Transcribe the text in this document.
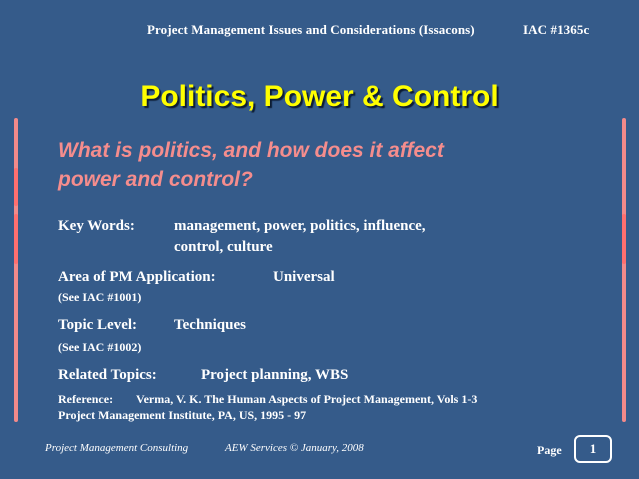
Project Management Issues and Considerations (Issacons)	IAC #1365c
Politics, Power & Control
What is politics, and how does it affect
power and control?
Key Words:	management, power, politics, influence,
control, culture
Area of PM Application:	Universal
(See IAC #1001)
Topic Level: Techniques
(See IAC #1002)
Related Topics:	Project planning, WBS
Reference: Verma, V. K. The Human Aspects of Project Management, Vols 1-3
Project Management Institute, PA, US, 1995 - 97
Project Management Consulting	AEW Services © January, 2008	Page	1
